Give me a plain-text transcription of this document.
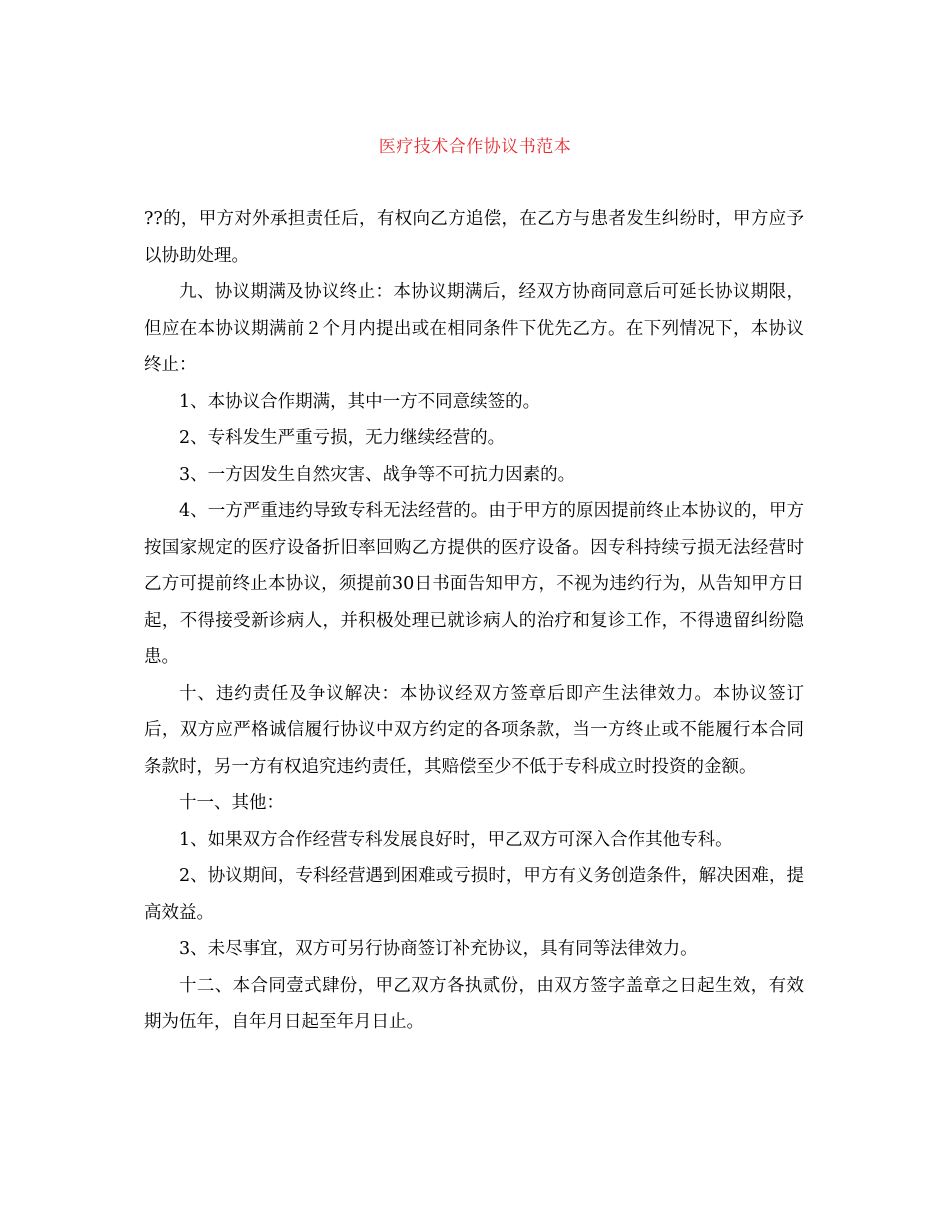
医疗技术合作协议书范本

??的，甲方对外承担责任后，有权向乙方追偿，在乙方与患者发生纠纷时，甲方应予以协助处理。

九、协议期满及协议终止：本协议期满后，经双方协商同意后可延长协议期限，但应在本协议期满前２个月内提出或在相同条件下优先乙方。在下列情况下，本协议终止：

1、本协议合作期满，其中一方不同意续签的。

2、专科发生严重亏损，无力继续经营的。

3、一方因发生自然灾害、战争等不可抗力因素的。

4、一方严重违约导致专科无法经营的。由于甲方的原因提前终止本协议的，甲方按国家规定的医疗设备折旧率回购乙方提供的医疗设备。因专科持续亏损无法经营时乙方可提前终止本协议，须提前30日书面告知甲方，不视为违约行为，从告知甲方日起，不得接受新诊病人，并积极处理已就诊病人的治疗和复诊工作，不得遗留纠纷隐患。

十、违约责任及争议解决：本协议经双方签章后即产生法律效力。本协议签订后，双方应严格诚信履行协议中双方约定的各项条款，当一方终止或不能履行本合同条款时，另一方有权追究违约责任，其赔偿至少不低于专科成立时投资的金额。

十一、其他：

1、如果双方合作经营专科发展良好时，甲乙双方可深入合作其他专科。

2、协议期间，专科经营遇到困难或亏损时，甲方有义务创造条件，解决困难，提高效益。

3、未尽事宜，双方可另行协商签订补充协议，具有同等法律效力。

十二、本合同壹式肆份，甲乙双方各执贰份，由双方签字盖章之日起生效，有效期为伍年，自年月日起至年月日止。
